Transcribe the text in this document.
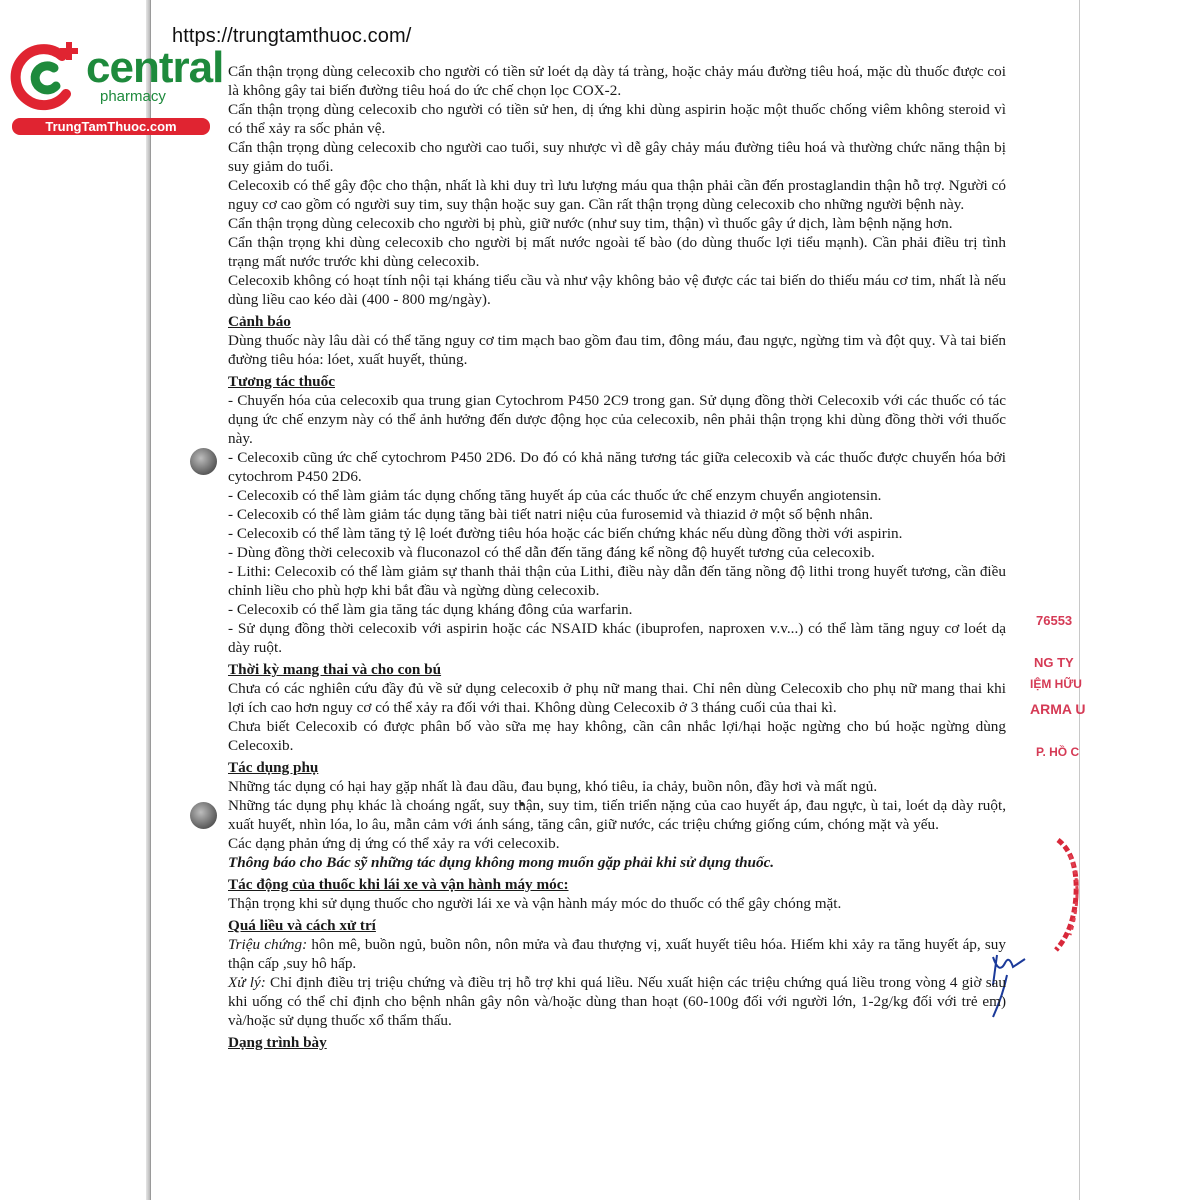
https://trungtamthuoc.com/
central
pharmacy
TrungTamThuoc.com
76553
NG TY
IỆM HỮU
ARMA U
P. HỒ C

Cẩn thận trọng dùng celecoxib cho người có tiền sử loét dạ dày tá tràng, hoặc chảy máu đường tiêu hoá, mặc dù thuốc được coi là không gây tai biến đường tiêu hoá do ức chế chọn lọc COX-2.

Cẩn thận trọng dùng celecoxib cho người có tiền sử hen, dị ứng khi dùng aspirin hoặc một thuốc chống viêm không steroid vì có thể xảy ra sốc phản vệ.

Cẩn thận trọng dùng celecoxib cho người cao tuổi, suy nhược vì dễ gây chảy máu đường tiêu hoá và thường chức năng thận bị suy giảm do tuổi.

Celecoxib có thể gây độc cho thận, nhất là khi duy trì lưu lượng máu qua thận phải cần đến prostaglandin thận hỗ trợ. Người có nguy cơ cao gồm có người suy tim, suy thận hoặc suy gan. Cần rất thận trọng dùng celecoxib cho những người bệnh này.

Cẩn thận trọng dùng celecoxib cho người bị phù, giữ nước (như suy tim, thận) vì thuốc gây ứ dịch, làm bệnh nặng hơn.

Cẩn thận trọng khi dùng celecoxib cho người bị mất nước ngoài tế bào (do dùng thuốc lợi tiểu mạnh). Cần phải điều trị tình trạng mất nước trước khi dùng celecoxib.

Celecoxib không có hoạt tính nội tại kháng tiểu cầu và như vậy không bảo vệ được các tai biến do thiếu máu cơ tim, nhất là nếu dùng liều cao kéo dài (400 - 800 mg/ngày).

Cảnh báo

Dùng thuốc này lâu dài có thể tăng nguy cơ tim mạch bao gồm đau tim, đông máu, đau ngực, ngừng tim và đột quỵ. Và tai biến đường tiêu hóa: lóet, xuất huyết, thủng.

Tương tác thuốc

- Chuyển hóa của celecoxib qua trung gian Cytochrom P450 2C9 trong gan. Sử dụng đồng thời Celecoxib với các thuốc có tác dụng ức chế enzym này có thể ảnh hưởng đến dược động học của celecoxib, nên phải thận trọng khi dùng đồng thời với thuốc này.

- Celecoxib cũng ức chế cytochrom P450 2D6. Do đó có khả năng tương tác giữa celecoxib và các thuốc được chuyển hóa bởi cytochrom P450 2D6.

- Celecoxib có thể làm giảm tác dụng chống tăng huyết áp của các thuốc ức chế enzym chuyển angiotensin.

- Celecoxib có thể làm giảm tác dụng tăng bài tiết natri niệu của furosemid và thiazid ở một số bệnh nhân.

- Celecoxib có thể làm tăng tỷ lệ loét đường tiêu hóa hoặc các biến chứng khác nếu dùng đồng thời với aspirin.

- Dùng đồng thời celecoxib và fluconazol có thể dẫn đến tăng đáng kể nồng độ huyết tương của celecoxib.

- Lithi: Celecoxib có thể làm giảm sự thanh thải thận của Lithi, điều này dẫn đến tăng nồng độ lithi trong huyết tương, cần điều chỉnh liều cho phù hợp khi bắt đầu và ngừng dùng celecoxib.

- Celecoxib có thể làm gia tăng tác dụng kháng đông của warfarin.

- Sử dụng đồng thời celecoxib với aspirin hoặc các NSAID khác (ibuprofen, naproxen v.v...) có thể làm tăng nguy cơ loét dạ dày ruột.

Thời kỳ mang thai và cho con bú

Chưa có các nghiên cứu đầy đủ về sử dụng celecoxib ở phụ nữ mang thai. Chỉ nên dùng Celecoxib cho phụ nữ mang thai khi lợi ích cao hơn nguy cơ có thể xảy ra đối với thai. Không dùng Celecoxib ở 3 tháng cuối của thai kì.

Chưa biết Celecoxib có được phân bố vào sữa mẹ hay không, cần cân nhắc lợi/hại hoặc ngừng cho bú hoặc ngừng dùng Celecoxib.

Tác dụng phụ

Những tác dụng có hại hay gặp nhất là đau dầu, đau bụng, khó tiêu, ỉa chảy, buồn nôn, đầy hơi và mất ngủ.

Những tác dụng phụ khác là choáng ngất, suy thận, suy tim, tiến triển nặng của cao huyết áp, đau ngực, ù tai, loét dạ dày ruột, xuất huyết, nhìn lóa, lo âu, mẫn cảm với ánh sáng, tăng cân, giữ nước, các triệu chứng giống cúm, chóng mặt và yếu.

Các dạng phản ứng dị ứng có thể xảy ra với celecoxib.

Thông báo cho Bác sỹ những tác dụng không mong muốn gặp phải khi sử dụng thuốc.

Tác động của thuốc khi lái xe và vận hành máy móc:

Thận trọng khi sử dụng thuốc cho người lái xe và vận hành máy móc do thuốc có thể gây chóng mặt.

Quá liều và cách xử trí

Triệu chứng: hôn mê, buồn ngủ, buồn nôn, nôn mửa và đau thượng vị, xuất huyết tiêu hóa. Hiếm khi xảy ra tăng huyết áp, suy thận cấp ,suy hô hấp.

Xử lý: Chỉ định điều trị triệu chứng và điều trị hỗ trợ khi quá liều. Nếu xuất hiện các triệu chứng quá liều trong vòng 4 giờ sau khi uống có thể chỉ định cho bệnh nhân gây nôn và/hoặc dùng than hoạt (60-100g đối với người lớn, 1-2g/kg đối với trẻ em) và/hoặc sử dụng thuốc xổ thẩm thấu.

Dạng trình bày
